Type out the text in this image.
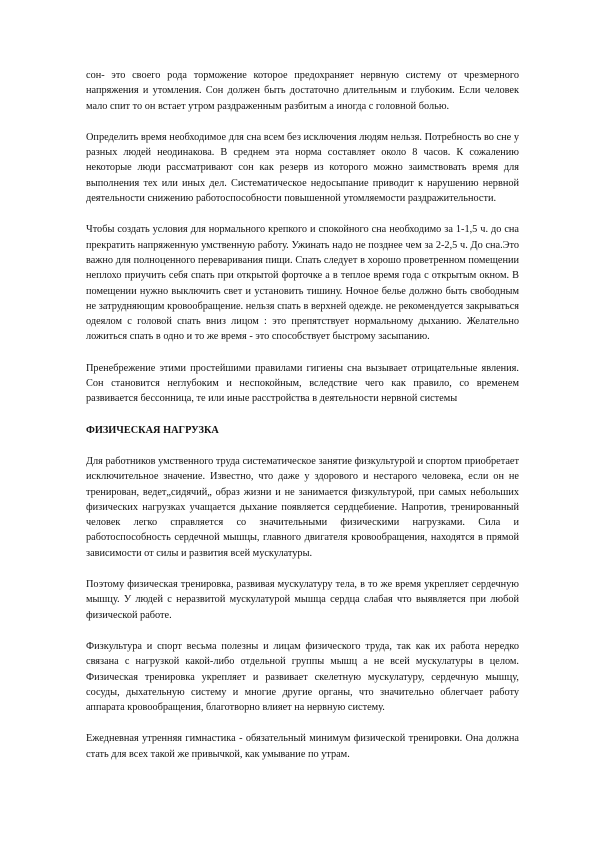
сон- это своего рода торможение которое предохраняет нервную систему от чрезмерного напряжения и утомления. Сон должен быть достаточно длительным и глубоким. Если человек мало спит то он встает утром раздраженным разбитым а иногда с головной болью.

Определить время необходимое для сна всем без исключения людям нельзя. Потребность во сне у разных людей неодинакова. В среднем эта норма составляет около 8 часов. К сожалению некоторые люди рассматривают сон как резерв из которого можно заимствовать время для выполнения тех или иных дел. Систематическое недосыпание приводит к нарушению нервной деятельности снижению работоспособности повышенной утомляемости раздражительности.

Чтобы создать условия для нормального крепкого и спокойного сна необходимо за 1-1,5 ч. до сна прекратить напряженную умственную работу. Ужинать надо не позднее чем за 2-2,5 ч. До сна.Это важно для полноценного переваривания пищи. Спать следует в хорошо проветренном помещении неплохо приучить себя спать при открытой форточке а в теплое время года с открытым окном. В помещении нужно выключить свет и установить тишину. Ночное белье должно быть свободным не затрудняющим кровообращение. нельзя спать в верхней одежде. не рекомендуется закрываться одеялом с головой спать вниз лицом : это препятствует нормальному дыханию. Желательно ложиться спать в одно и то же время - это способствует быстрому засыпанию.

Пренебрежение этими простейшими правилами гигиены сна вызывает отрицательные явления. Сон становится неглубоким и неспокойным, вследствие чего как правило, со временем развивается бессонница, те или иные расстройства в деятельности нервной системы

ФИЗИЧЕСКАЯ НАГРУЗКА

Для работников умственного труда систематическое занятие физкультурой и спортом приобретает исключительное значение. Известно, что даже у здорового и нестарого человека, если он не тренирован, ведет„сидячий„ образ жизни и не занимается физкультурой, при самых небольших физических нагрузках учащается дыхание появляется сердцебиение. Напротив, тренированный человек легко справляется со значительными физическими нагрузками. Сила и работоспособность сердечной мышцы, главного двигателя кровообращения, находятся в прямой зависимости от силы и развития всей мускулатуры.

Поэтому физическая тренировка, развивая мускулатуру тела, в то же время укрепляет сердечную мышцу. У людей с неразвитой мускулатурой мышца сердца слабая что выявляется при любой физической работе.

Физкультура и спорт весьма полезны и лицам физического труда, так как их работа нередко связана с нагрузкой какой-либо отдельной группы мышц а не всей мускулатуры в целом. Физическая тренировка укрепляет и развивает скелетную мускулатуру, сердечную мышцу, сосуды, дыхательную систему и многие другие органы, что значительно облегчает работу аппарата кровообращения, благотворно влияет на нервную систему.

Ежедневная утренняя гимнастика - обязательный минимум физической тренировки. Она должна стать для всех такой же привычкой, как умывание по утрам.
